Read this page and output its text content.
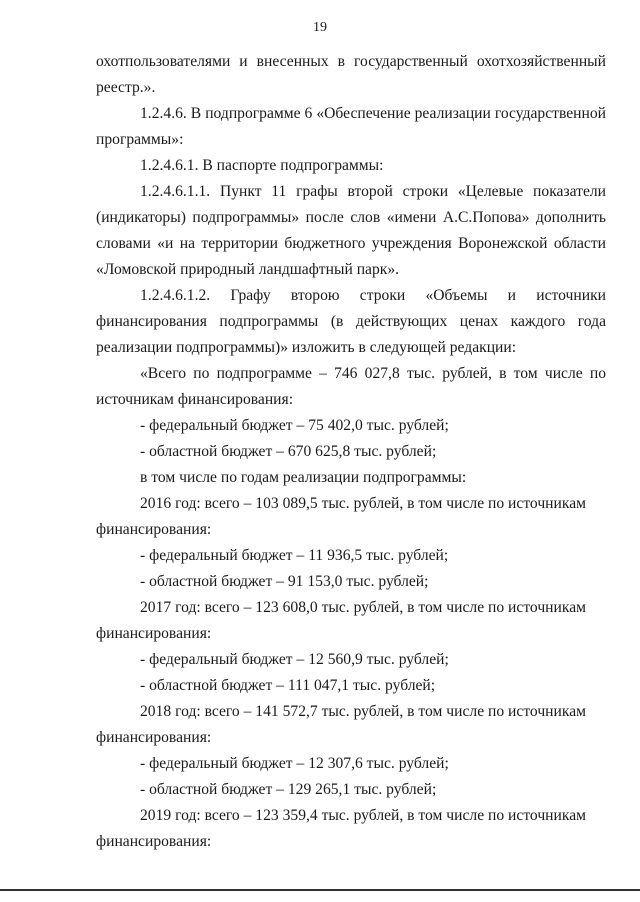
19
охотпользователями и внесенных в государственный охотхозяйственный
реестр.».
1.2.4.6. В подпрограмме 6 «Обеспечение реализации государственной
программы»:
1.2.4.6.1. В паспорте подпрограммы:
1.2.4.6.1.1. Пункт 11 графы второй строки «Целевые показатели
(индикаторы) подпрограммы» после слов «имени А.С.Попова» дополнить
словами «и на территории бюджетного учреждения Воронежской области
«Ломовской природный ландшафтный парк».
1.2.4.6.1.2. Графу второю строки «Объемы и источники
финансирования подпрограммы (в действующих ценах каждого года
реализации подпрограммы)» изложить в следующей редакции:
«Всего по подпрограмме – 746 027,8 тыс. рублей, в том числе по
источникам финансирования:
- федеральный бюджет – 75 402,0 тыс. рублей;
- областной бюджет – 670 625,8 тыс. рублей;
в том числе по годам реализации подпрограммы:
2016 год: всего – 103 089,5 тыс. рублей, в том числе по источникам
финансирования:
- федеральный бюджет – 11 936,5 тыс. рублей;
- областной бюджет – 91 153,0 тыс. рублей;
2017 год: всего – 123 608,0 тыс. рублей, в том числе по источникам
финансирования:
- федеральный бюджет – 12 560,9 тыс. рублей;
- областной бюджет – 111 047,1 тыс. рублей;
2018 год: всего – 141 572,7 тыс. рублей, в том числе по источникам
финансирования:
- федеральный бюджет – 12 307,6 тыс. рублей;
- областной бюджет – 129 265,1 тыс. рублей;
2019 год: всего – 123 359,4 тыс. рублей, в том числе по источникам
финансирования:
